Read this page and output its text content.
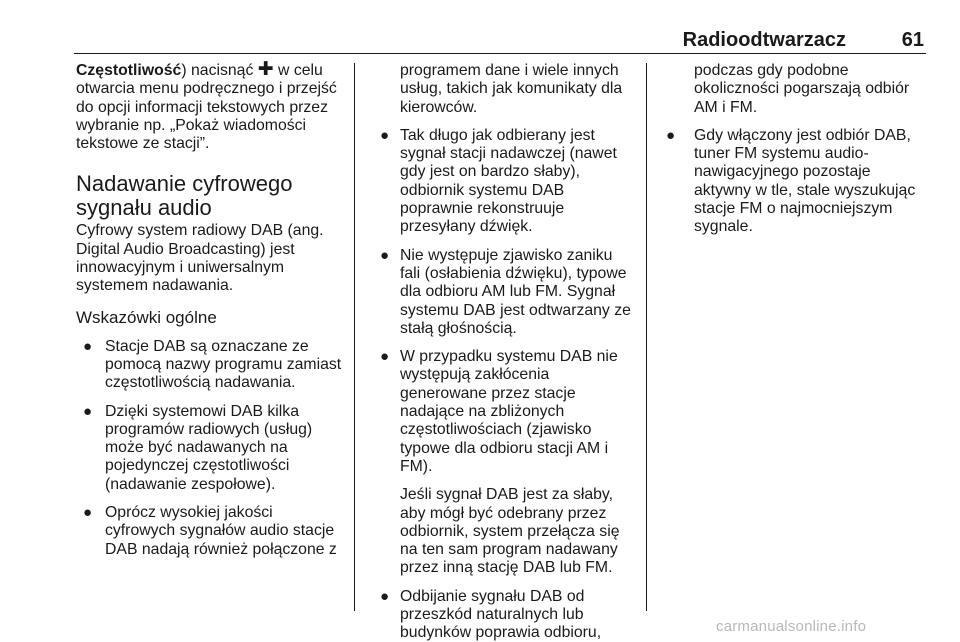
Radioodtwarzacz	61

Częstotliwość) nacisnąć ✚ w celu otwarcia menu podręcznego i przejść do opcji informacji tekstowych przez wybranie np. „Pokaż wiadomości tekstowe ze stacji”.

Nadawanie cyfrowego sygnału audio

Cyfrowy system radiowy DAB (ang. Digital Audio Broadcasting) jest innowacyjnym i uniwersalnym systemem nadawania.

Wskazówki ogólne
● Stacje DAB są oznaczane ze pomocą nazwy programu zamiast częstotliwością nadawania.
● Dzięki systemowi DAB kilka programów radiowych (usług) może być nadawanych na pojedynczej częstotliwości (nadawanie zespołowe).
● Oprócz wysokiej jakości cyfrowych sygnałów audio stacje DAB nadają również połączone z

programem dane i wiele innych usług, takich jak komunikaty dla kierowców.

● Tak długo jak odbierany jest sygnał stacji nadawczej (nawet gdy jest on bardzo słaby), odbiornik systemu DAB poprawnie rekonstruuje przesyłany dźwięk.
● Nie występuje zjawisko zaniku fali (osłabienia dźwięku), typowe dla odbioru AM lub FM. Sygnał systemu DAB jest odtwarzany ze stałą głośnością.
● W przypadku systemu DAB nie występują zakłócenia generowane przez stacje nadające na zbliżonych częstotliwościach (zjawisko typowe dla odbioru stacji AM i FM).
Jeśli sygnał DAB jest za słaby, aby mógł być odebrany przez odbiornik, system przełącza się na ten sam program nadawany przez inną stację DAB lub FM.
● Odbijanie sygnału DAB od przeszkód naturalnych lub budynków poprawia odbioru,

podczas gdy podobne okoliczności pogarszają odbiór AM i FM.

● Gdy włączony jest odbiór DAB, tuner FM systemu audio-nawigacyjnego pozostaje aktywny w tle, stale wyszukując stacje FM o najmocniejszym sygnale.
carmanualsonline.info
